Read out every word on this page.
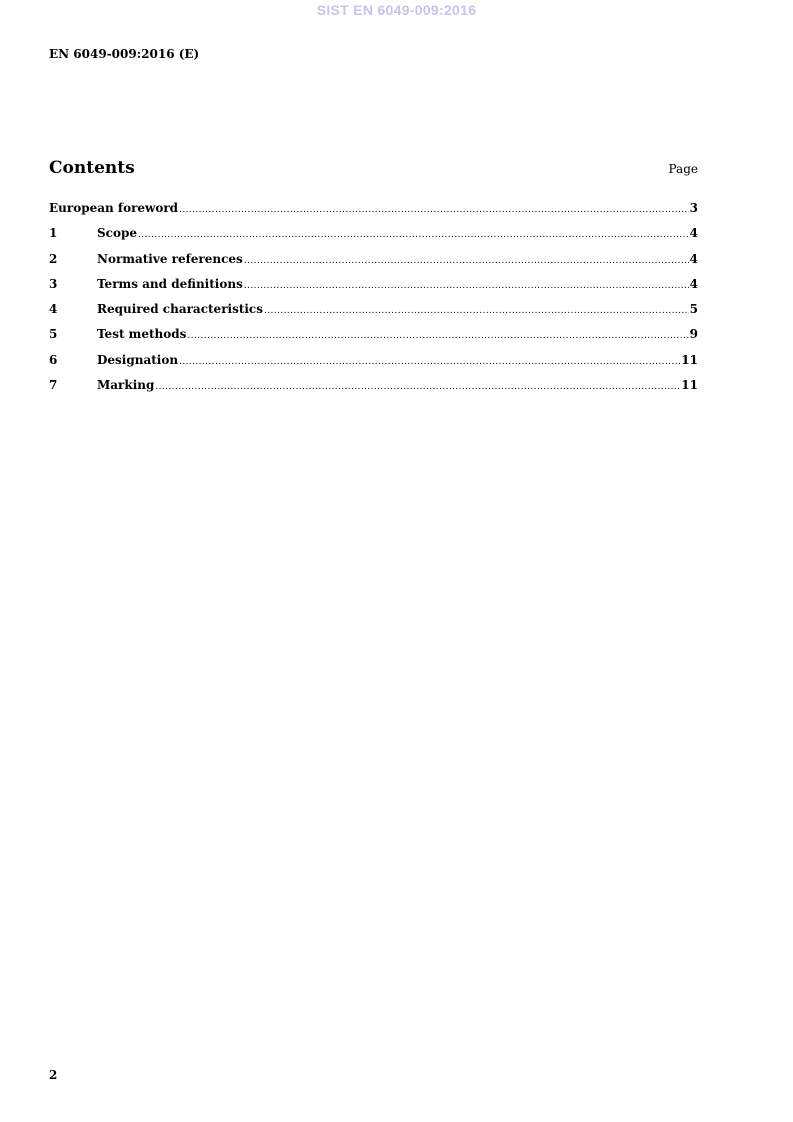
SIST EN 6049-009:2016
EN 6049-009:2016 (E)
Contents	Page
European foreword .....	3
1	Scope .....	4
2	Normative references .....	4
3	Terms and definitions .....	4
4	Required characteristics .....	5
5	Test methods .....	9
6	Designation .....	11
7	Marking .....	11
2
